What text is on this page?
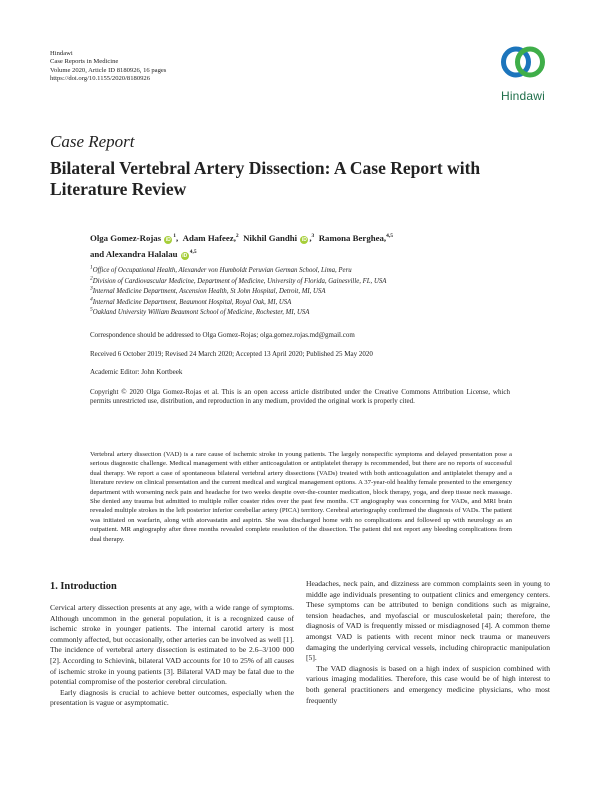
Hindawi
Case Reports in Medicine
Volume 2020, Article ID 8180926, 16 pages
https://doi.org/10.1155/2020/8180926
Hindawi
Case Report
Bilateral Vertebral Artery Dissection: A Case Report with Literature Review
Olga Gomez-Rojas $iD^1$, Adam Hafeez,$^2$ Nikhil Gandhi iD ,$^3$ Ramona Berghea,$^{4,5}$
and Alexandra Halalau iD$^{4,5}$
$^1$Office of Occupational Health, Alexander von Humboldt Peruvian German School, Lima, Peru
$^2$Division of Cardiovascular Medicine, Department of Medicine, University of Florida, Gainesville, FL, USA
$^3$Internal Medicine Department, Ascension Health, St John Hospital, Detroit, MI, USA
$^4$Internal Medicine Department, Beaumont Hospital, Royal Oak, MI, USA
$^5$Oakland University William Beaumont School of Medicine, Rochester, MI, USA
Correspondence should be addressed to Olga Gomez-Rojas; olga.gomez.rojas.md@gmail.com
Received 6 October 2019; Revised 24 March 2020; Accepted 13 April 2020; Published 25 May 2020
Academic Editor: John Kortbeek
Copyright © 2020 Olga Gomez-Rojas et al. This is an open access article distributed under the Creative Commons Attribution License, which permits unrestricted use, distribution, and reproduction in any medium, provided the original work is properly cited.
Vertebral artery dissection (VAD) is a rare cause of ischemic stroke in young patients. The largely nonspecific symptoms and delayed presentation pose a serious diagnostic challenge. Medical management with either anticoagulation or antiplatelet therapy is recommended, but there are no reports of successful dual therapy. We report a case of spontaneous bilateral vertebral artery dissections (VADs) treated with both anticoagulation and antiplatelet therapy and a literature review on clinical presentation and the current medical and surgical management options. A 37-year-old healthy female presented to the emergency department with worsening neck pain and headache for two weeks despite over-the-counter medication, block therapy, yoga, and deep tissue neck massage. She denied any trauma but admitted to multiple roller coaster rides over the past few months. CT angiography was concerning for VADs, and MRI brain revealed multiple strokes in the left posterior inferior cerebellar artery (PICA) territory. Cerebral arteriography confirmed the diagnosis of VADs. The patient was initiated on warfarin, along with atorvastatin and aspirin. She was discharged home with no complications and followed up with neurology as an outpatient. MR angiography after three months revealed complete resolution of the dissection. The patient did not report any bleeding complications from dual therapy.
1. Introduction

Cervical artery dissection presents at any age, with a wide range of symptoms. Although uncommon in the general population, it is a recognized cause of ischemic stroke in younger patients. The internal carotid artery is most commonly affected, but occasionally, other arteries can be involved as well [1]. The incidence of vertebral artery dissection is estimated to be 2.6–3/100 000 [2]. According to Schievink, bilateral VAD accounts for 10 to 25% of all causes of ischemic stroke in young patients [3]. Bilateral VAD may be fatal due to the potential compromise of the posterior cerebral circulation.

Early diagnosis is crucial to achieve better outcomes, especially when the presentation is vague or asymptomatic.

Headaches, neck pain, and dizziness are common complaints seen in young to middle age individuals presenting to outpatient clinics and emergency centers. These symptoms can be attributed to benign conditions such as migraine, tension headaches, and myofascial or musculoskeletal pain; therefore, the diagnosis of VAD is frequently missed or misdiagnosed [4]. A common theme amongst VAD is patients with recent minor neck trauma or maneuvers damaging the underlying cervical vessels, including chiropractic manipulation [5].

The VAD diagnosis is based on a high index of suspicion combined with various imaging modalities. Therefore, this case would be of high interest to both general practitioners and emergency medicine physicians, who most frequently
